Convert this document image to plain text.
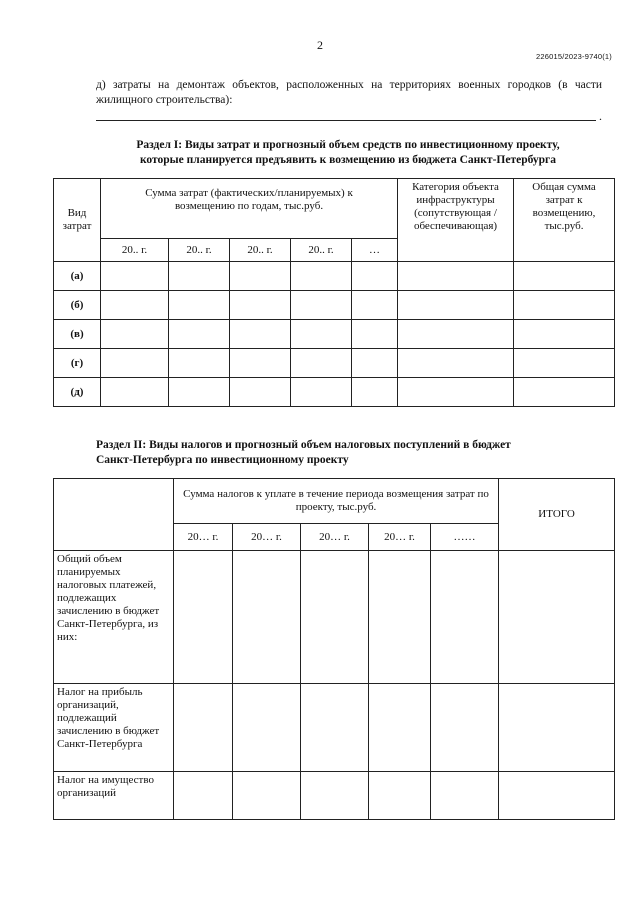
2
226015/2023-9740(1)
д) затраты на демонтаж объектов, расположенных на территориях военных городков (в части жилищного строительства):
.
Раздел I: Виды затрат и прогнозный объем средств по инвестиционному проекту,
которые планируется предъявить к возмещению из бюджета Санкт-Петербурга
Вид затрат	Сумма затрат (фактических/планируемых) к возмещению по годам, тыс.руб.					Категория объекта инфраструктуры (сопутствующая /обеспечивающая)	Общая сумма затрат к возмещению, тыс.руб.
	20.. г.	20.. г.	20.. г.	20.. г.	…		
(а)							
(б)							
(в)							
(г)							
(д)							
Раздел II: Виды налогов и прогнозный объем налоговых поступлений в бюджет
Санкт-Петербурга по инвестиционному проекту
	Сумма налогов к уплате в течение периода возмещения затрат по проекту, тыс.руб.					ИТОГО
	20… г.	20… г.	20… г.	20… г.	……	
Общий объем планируемых налоговых платежей, подлежащих зачислению в бюджет Санкт-Петербурга, из них:						
Налог на прибыль организаций, подлежащий зачислению в бюджет Санкт-Петербурга						
Налог на имущество организаций						
